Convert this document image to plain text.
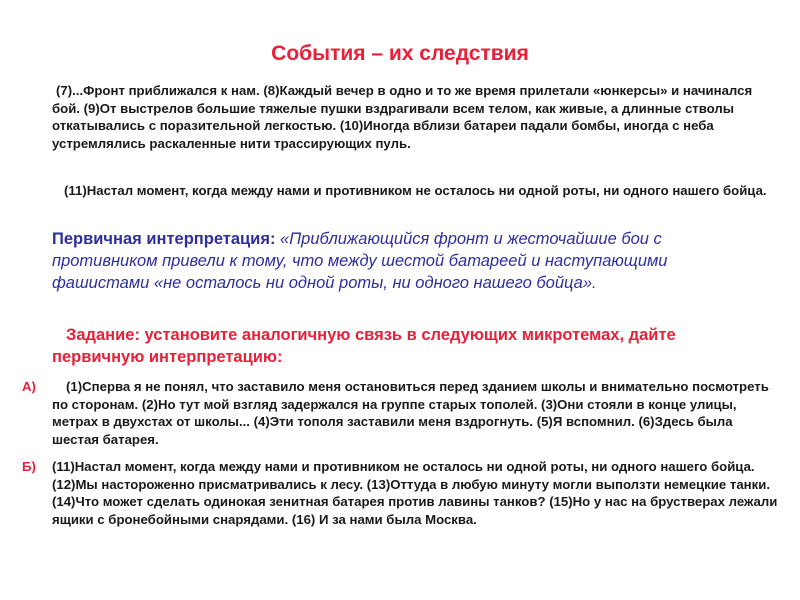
События – их следствия

(7)...Фронт приближался к нам. (8)Каждый вечер в одно и то же время прилетали «юнкерсы» и начинался бой. (9)От выстрелов большие тяжелые пушки вздрагивали всем телом, как живые, а длинные стволы откатывались с поразительной легкостью. (10)Иногда вблизи батареи падали бомбы, иногда с неба устремлялись раскаленные нити трассирующих пуль.

(11)Настал момент, когда между нами и противником не осталось ни одной роты, ни одного нашего бойца.

Первичная интерпретация: «Приближающийся фронт и жесточайшие бои с противником привели к тому, что между шестой батареей и наступающими фашистами «не осталось ни одной роты, ни одного нашего бойца».

Задание: установите аналогичную связь в следующих микротемах, дайте первичную интерпретацию:

А)	(1)Сперва я не понял, что заставило меня остановиться перед зданием школы и внимательно посмотреть по сторонам. (2)Но тут мой взгляд задержался на группе старых тополей. (3)Они стояли в конце улицы, метрах в двухстах от школы... (4)Эти тополя заставили меня вздрогнуть. (5)Я вспомнил. (6)Здесь была шестая батарея.
Б) (11)Настал момент, когда между нами и противником не осталось ни одной роты, ни одного нашего бойца. (12)Мы настороженно присматривались к лесу. (13)Оттуда в любую минуту могли выползти немецкие танки. (14)Что может сделать одинокая зенитная батарея против лавины танков? (15)Но у нас на брустверах лежали ящики с бронебойными снарядами. (16) И за нами была Москва.
